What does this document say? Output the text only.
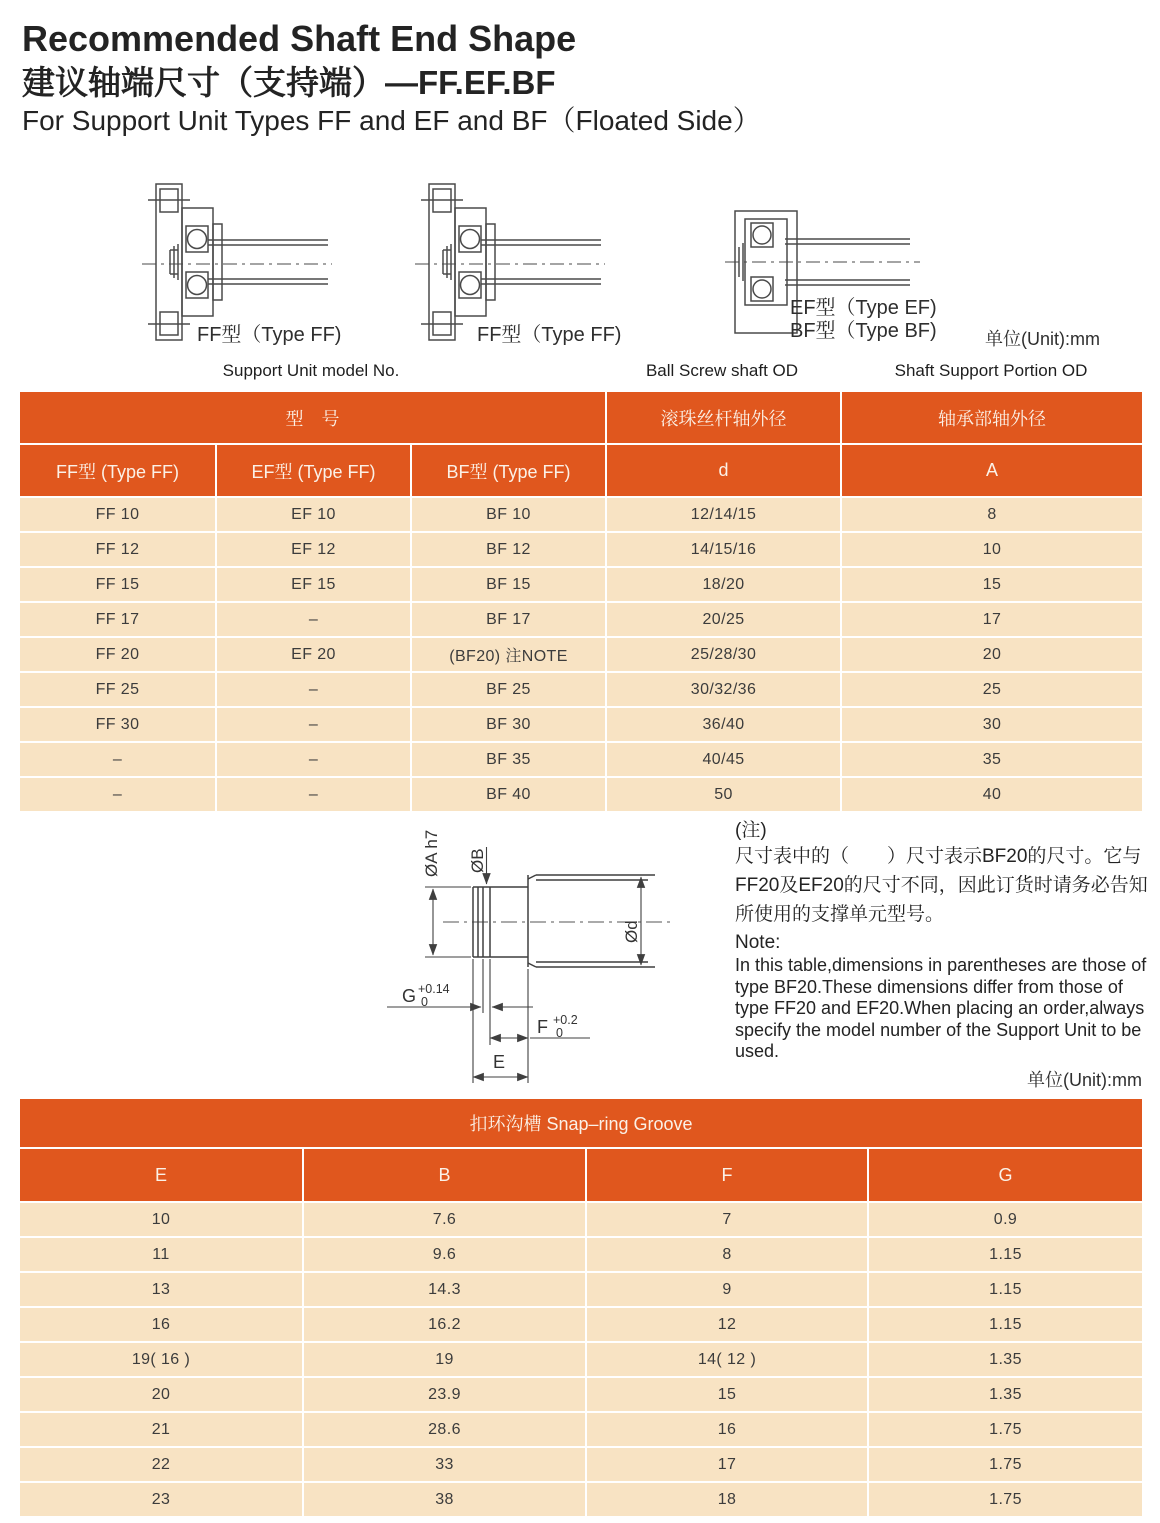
Recommended Shaft End Shape
建议轴端尺寸（支持端）—FF.EF.BF
For Support Unit Types FF and EF and BF（Floated Side）
FF型（Type FF)	FF型（Type FF)
EF型（Type EF)
BF型（Type BF)	单位(Unit):mm
Support Unit model No.	Ball Screw shaft OD	Shaft Support Portion OD
型　号			滚珠丝杆轴外径	轴承部轴外径
FF型 (Type FF)	EF型 (Type FF)	BF型 (Type FF)	d	A
FF 10	EF 10	BF 10	12/14/15	8
FF 12	EF 12	BF 12	14/15/16	10
FF 15	EF 15	BF 15	18/20	15
FF 17	–	BF 17	20/25	17
FF 20	EF 20	(BF20) 注NOTE	25/28/30	20
FF 25	–	BF 25	30/32/36	25
FF 30	–	BF 30	36/40	30
–	–	BF 35	40/45	35
–	–	BF 40	50	40
ØA h7 ØB
Ød
G +0.14
0
F +0.2
0
E
(注)
尺寸表中的（　　）尺寸表示BF20的尺寸。它与FF20及EF20的尺寸不同，因此订货时请务必告知所使用的支撑单元型号。
Note:
In this table,dimensions in parentheses are those of type BF20.These dimensions differ from those of type FF20 and EF20.When placing an order,always specify the model number of the Support Unit to be used.
单位(Unit):mm
扣环沟槽 Snap–ring Groove			
E	B	F	G
10	7.6	7	0.9
11	9.6	8	1.15
13	14.3	9	1.15
16	16.2	12	1.15
19( 16 )	19	14( 12 )	1.35
20	23.9	15	1.35
21	28.6	16	1.75
22	33	17	1.75
23	38	18	1.75
